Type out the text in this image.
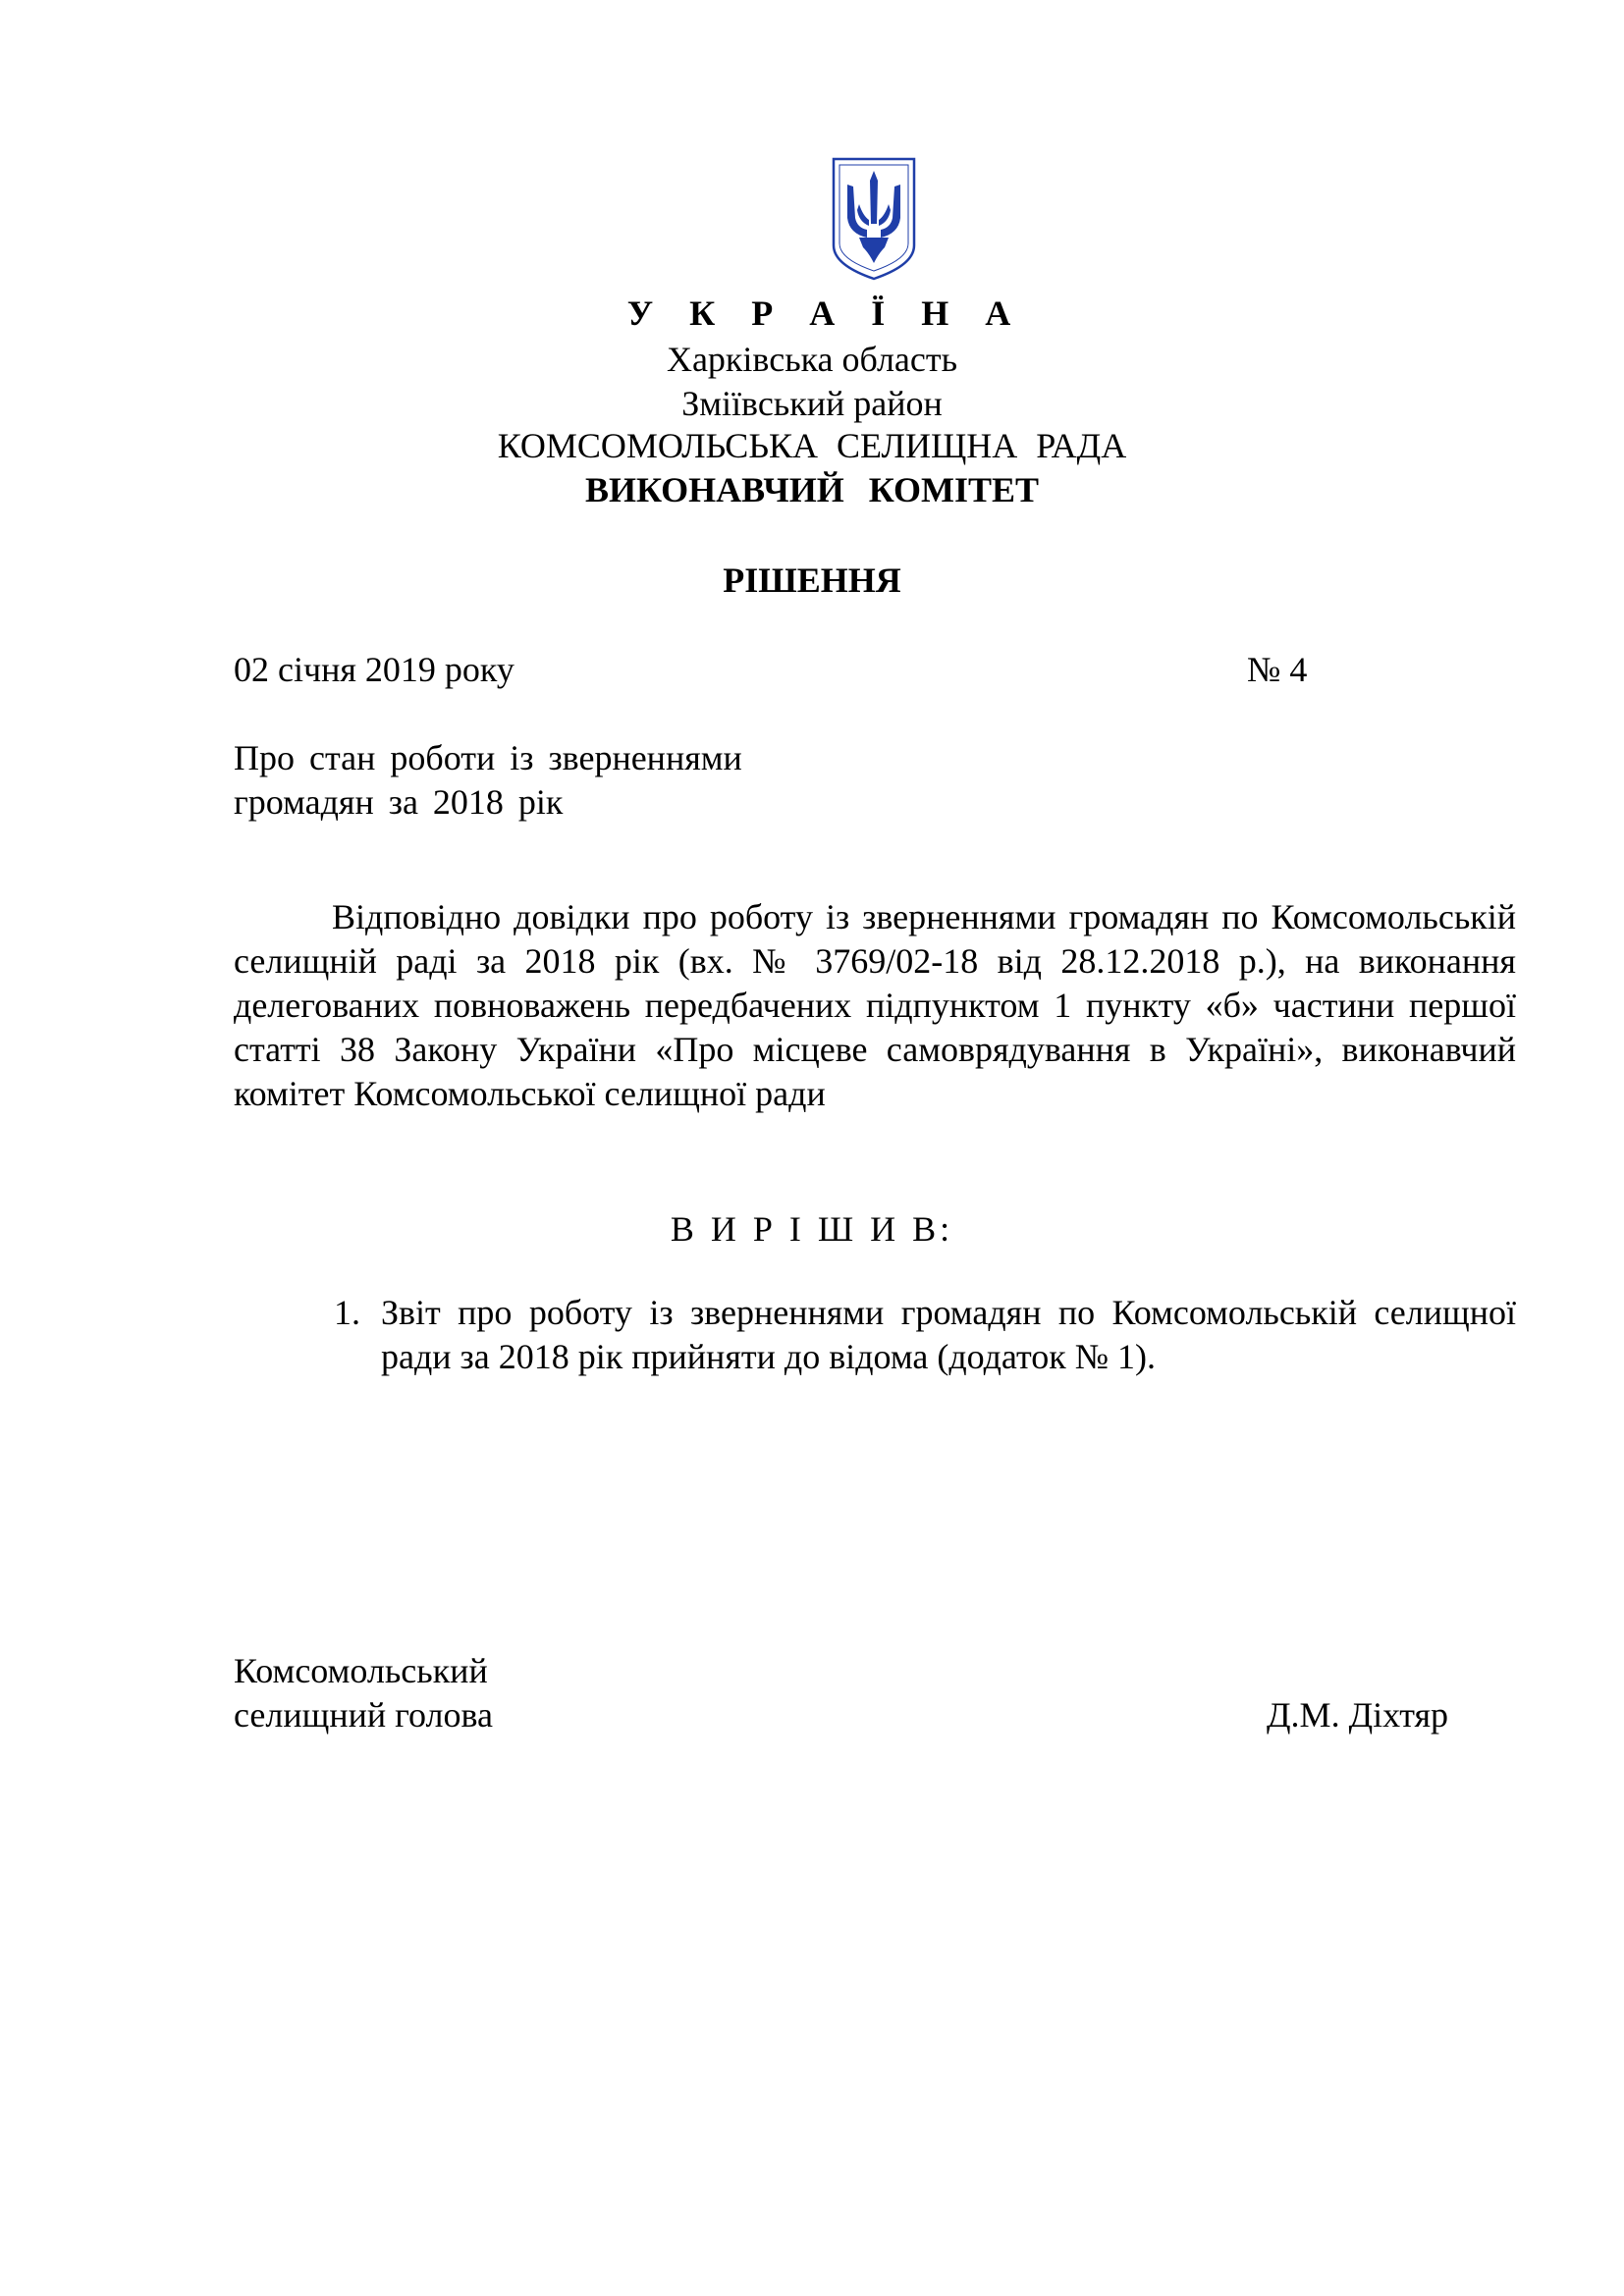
У К Р А Ї Н А
Харківська область
Зміївський район
КОМСОМОЛЬСЬКА СЕЛИЩНА РАДА
ВИКОНАВЧИЙ КОМІТЕТ
РІШЕННЯ
02 січня 2019 року	№ 4
Про стан роботи із зверненнями
громадян за 2018 рік
Відповідно довідки про роботу із зверненнями громадян по Комсомольській селищній раді за 2018 рік (вх. № 3769/02-18 від 28.12.2018 р.), на виконання делегованих повноважень передбачених підпунктом 1 пункту «б» частини першої статті 38 Закону України «Про місцеве самоврядування в Україні», виконавчий комітет Комсомольської селищної ради
В И Р І Ш И В:
1. Звіт про роботу із зверненнями громадян по Комсомольській селищної ради за 2018 рік прийняти до відома (додаток № 1).
Комсомольський
селищний голова	Д.М. Діхтяр
